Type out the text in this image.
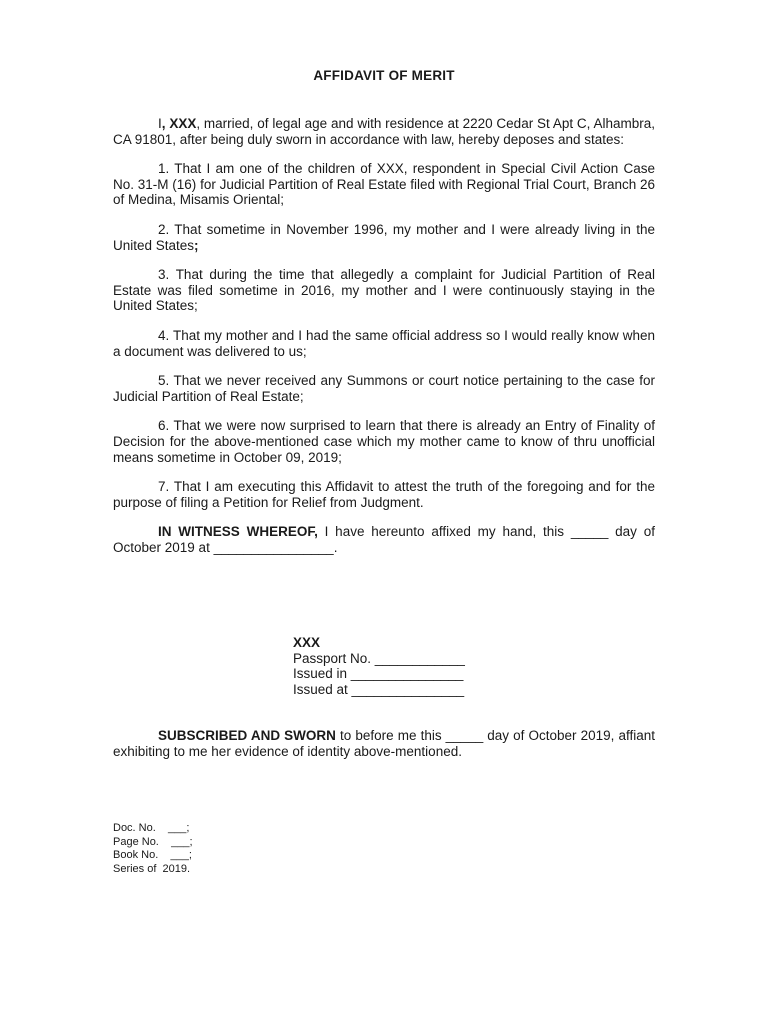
AFFIDAVIT OF MERIT

I, XXX, married, of legal age and with residence at 2220 Cedar St Apt C, Alhambra, CA 91801, after being duly sworn in accordance with law, hereby deposes and states:

1. That I am one of the children of XXX, respondent in Special Civil Action Case No. 31-M (16) for Judicial Partition of Real Estate filed with Regional Trial Court, Branch 26 of Medina, Misamis Oriental;

2. That sometime in November 1996, my mother and I were already living in the United States;

3. That during the time that allegedly a complaint for Judicial Partition of Real Estate was filed sometime in 2016, my mother and I were continuously staying in the United States;

4. That my mother and I had the same official address so I would really know when a document was delivered to us;

5. That we never received any Summons or court notice pertaining to the case for Judicial Partition of Real Estate;

6. That we were now surprised to learn that there is already an Entry of Finality of Decision for the above-mentioned case which my mother came to know of thru unofficial means sometime in October 09, 2019;

7. That I am executing this Affidavit to attest the truth of the foregoing and for the purpose of filing a Petition for Relief from Judgment.

IN WITNESS WHEREOF, I have hereunto affixed my hand, this _____ day of October 2019 at ________________.

XXX
Passport No. ____________
Issued in _______________
Issued at _______________

SUBSCRIBED AND SWORN to before me this _____ day of October 2019, affiant exhibiting to me her evidence of identity above-mentioned.

Doc. No.    ___;
Page No.    ___;
Book No.    ___;
Series of  2019.
